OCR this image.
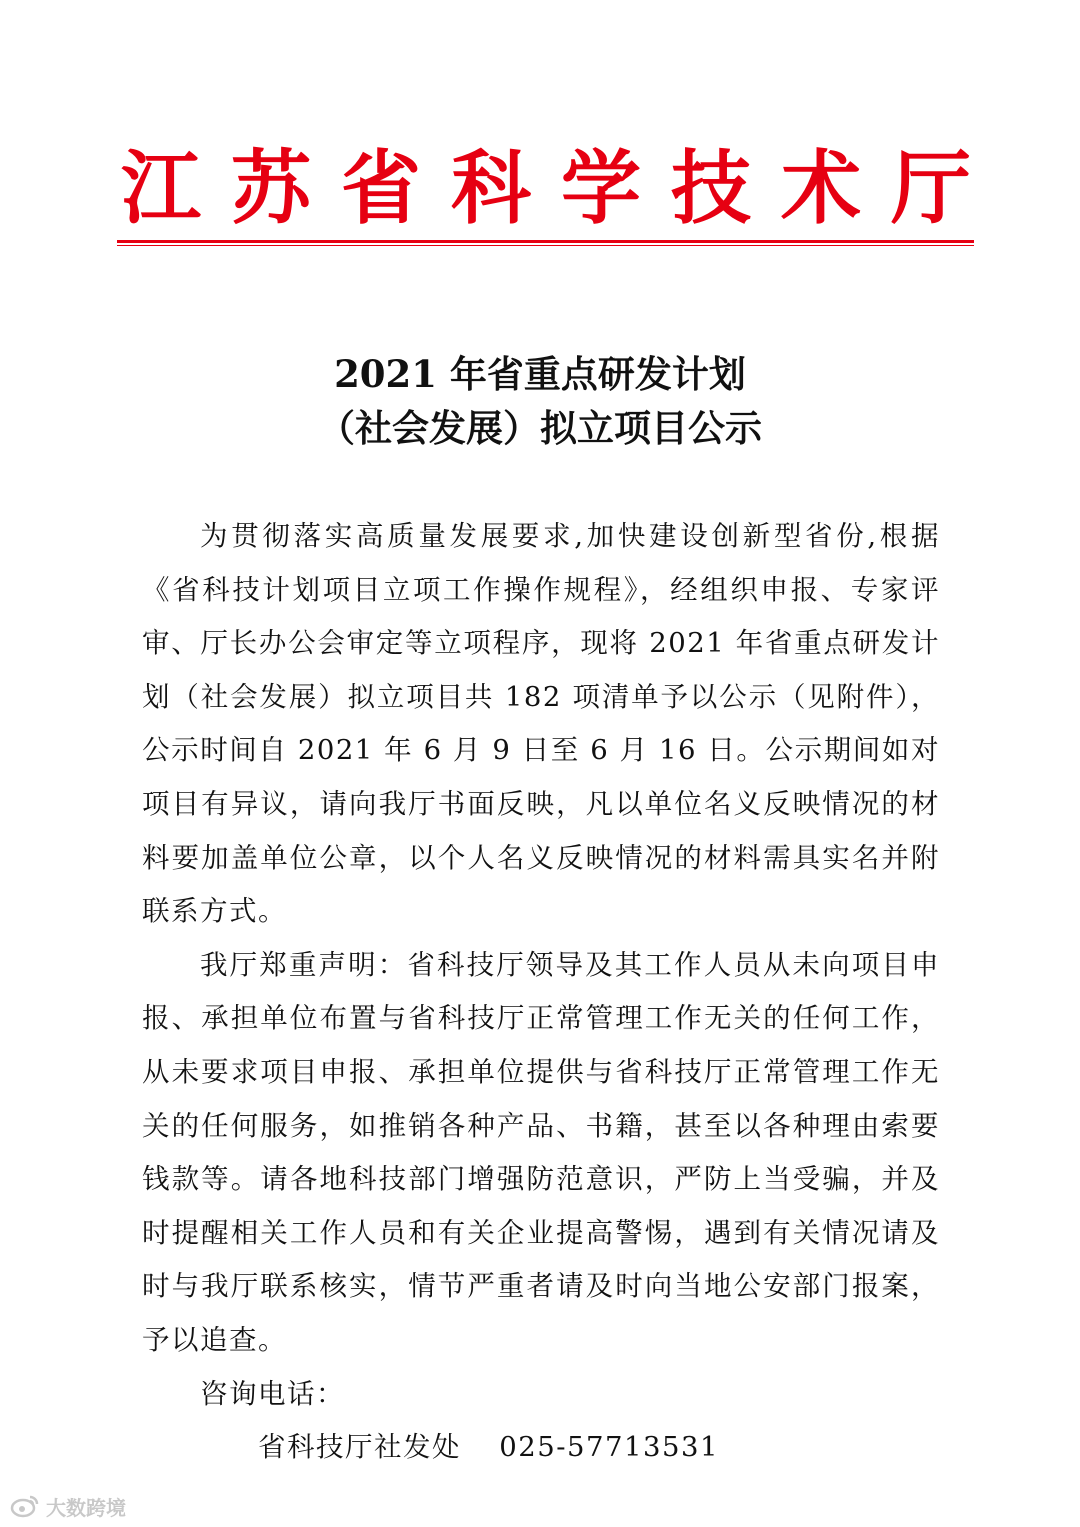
江 苏 省 科 学 技 术 厅
2021 年省重点研发计划
（社会发展）拟立项目公示

为贯彻落实高质量发展要求,加快建设创新型省份,根据《省科技计划项目立项工作操作规程》，经组织申报、专家评审、厅长办公会审定等立项程序，现将 2021 年省重点研发计划（社会发展）拟立项目共 182 项清单予以公示（见附件），公示时间自 2021 年 6 月 9 日至 6 月 16 日。公示期间如对项目有异议，请向我厅书面反映，凡以单位名义反映情况的材料要加盖单位公章，以个人名义反映情况的材料需具实名并附联系方式。

我厅郑重声明：省科技厅领导及其工作人员从未向项目申报、承担单位布置与省科技厅正常管理工作无关的任何工作，从未要求项目申报、承担单位提供与省科技厅正常管理工作无关的任何服务，如推销各种产品、书籍，甚至以各种理由索要钱款等。请各地科技部门增强防范意识，严防上当受骗，并及时提醒相关工作人员和有关企业提高警惕，遇到有关情况请及时与我厅联系核实，情节严重者请及时向当地公安部门报案，予以追查。

咨询电话：

省科技厅社发处 025-57713531
大数跨境
